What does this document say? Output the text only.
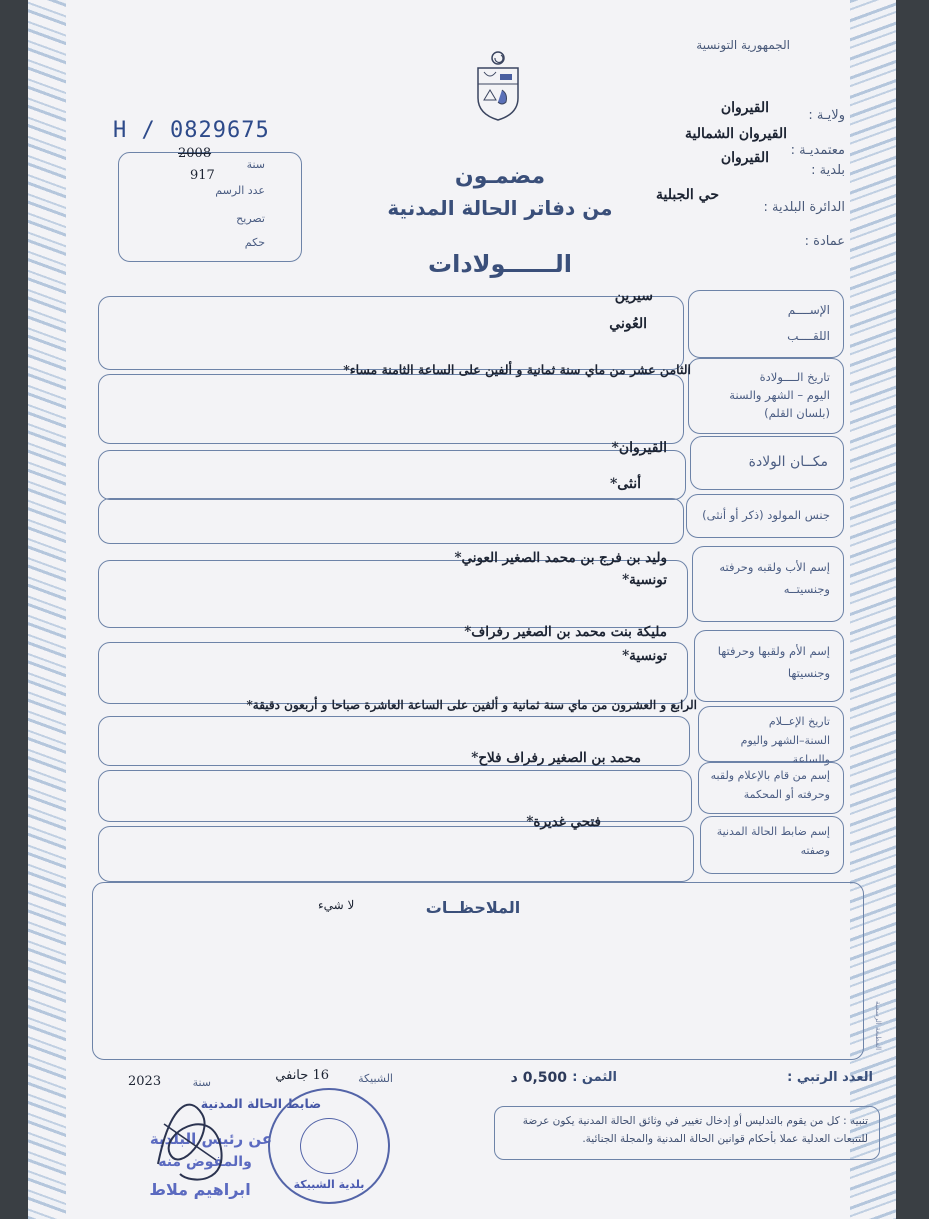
الجمهورية التونسية
H / 0829675
ولايـة :
القيروان
معتمديـة :
القيروان الشمالية
بلدية :
القيروان
الدائرة البلدية :
حي الجبلية
عمادة :
مضمـون
من دفاتر الحالة المدنية
الــــــولادات
2008
سنة
917
عدد الرسم
تصريح
حكم
الإســــم
اللقــــب
سيرين
العُوني
تاريخ الــــولادة
اليوم – الشهر والسنة
(بلسان القلم)
الثامن عشر من ماي سنة ثمانية و ألفين على الساعة الثامنة مساء*
مكــان الولادة
القيروان*
جنس المولود (ذكر أو أنثى)
أنثى*
إسم الأب ولقبه وحرفته
وجنسيتــه
وليد بن فرج بن محمد الصغير العوني*
تونسية*
إسم الأم ولقبها وحرفتها
وجنسيتها
مليكة بنت محمد بن الصغير رفراف*
تونسية*
تاريخ الإعــلام
السنة–الشهر واليوم والساعة
الرابع و العشرون من ماي سنة ثمانية و ألفين على الساعة العاشرة صباحا و أربعون دقيقة*
إسم من قام بالإعلام ولقبه
وحرفته أو المحكمة
محمد بن الصغير رفراف فلاح*
إسم ضابط الحالة المدنية
وصفته
فتحي غديرة*
الملاحظــات
لا شيء
المطبعة الرسمية
العدد الرتبي :
الثمن :
0,500 د
الشبيكة
16 جانفي
سنة
2023
تنبيه : كل من يقوم بالتدليس أو إدخال تغيير في وثائق الحالة المدنية يكون عرضة للتتبعات العدلية عملا بأحكام قوانين الحالة المدنية والمجلة الجنائية.
ضابط الحالة المدنية
عن رئيس البلدية
والمفوض منه
ابراهيم ملاط	بلدية الشبيكة
